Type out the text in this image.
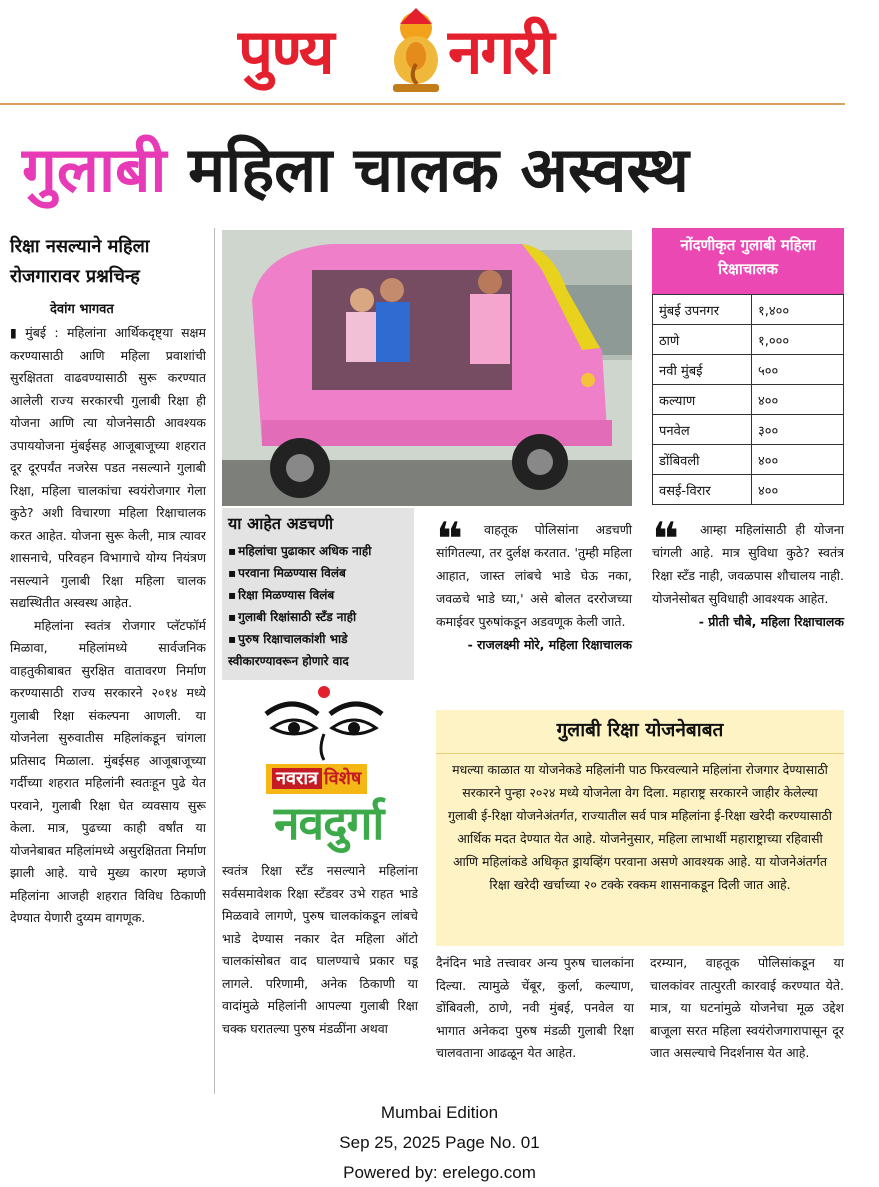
पुण्य नगरी
गुलाबी महिला चालक अस्वस्थ
रिक्षा नसल्याने महिला रोजगारावर प्रश्नचिन्ह
देवांग भागवत

▮ मुंबई : महिलांना आर्थिकदृष्ट्या सक्षम करण्यासाठी आणि महिला प्रवाशांची सुरक्षितता वाढवण्यासाठी सुरू करण्यात आलेली राज्य सरकारची गुलाबी रिक्षा ही योजना आणि त्या योजनेसाठी आवश्यक उपाययोजना मुंबईसह आजूबाजूच्या शहरात दूर दूरपर्यंत नजरेस पडत नसल्याने गुलाबी रिक्षा, महिला चालकांचा स्वयंरोजगार गेला कुठे? अशी विचारणा महिला रिक्षाचालक करत आहेत. योजना सुरू केली, मात्र त्यावर शासनाचे, परिवहन विभागाचे योग्य नियंत्रण नसल्याने गुलाबी रिक्षा महिला चालक सद्यस्थितीत अस्वस्थ आहेत.

महिलांना स्वतंत्र रोजगार प्लॅटफॉर्म मिळावा, महिलांमध्ये सार्वजनिक वाहतुकीबाबत सुरक्षित वातावरण निर्माण करण्यासाठी राज्य सरकारने २०१४ मध्ये गुलाबी रिक्षा संकल्पना आणली. या योजनेला सुरुवातीस महिलांकडून चांगला प्रतिसाद मिळाला. मुंबईसह आजूबाजूच्या गर्दीच्या शहरात महिलांनी स्वतःहून पुढे येत परवाने, गुलाबी रिक्षा घेत व्यवसाय सुरू केला. मात्र, पुढच्या काही वर्षांत या योजनेबाबत महिलांमध्ये असुरक्षितता निर्माण झाली आहे. याचे मुख्य कारण म्हणजे महिलांना आजही शहरात विविध ठिकाणी देण्यात येणारी दुय्यम वागणूक.

नोंदणीकृत गुलाबी महिला रिक्षाचालक
मुंबई उपनगर	१,४००
ठाणे	१,०००
नवी मुंबई	५००
कल्याण	४००
पनवेल	३००
डोंबिवली	४००
वसई-विरार	४००
या आहेत अडचणी
▪ महिलांचा पुढाकार अधिक नाही
▪ परवाना मिळण्यास विलंब
▪ रिक्षा मिळण्यास विलंब
▪ गुलाबी रिक्षांसाठी स्टँड नाही
▪ पुरुष रिक्षाचालकांशी भाडे स्वीकारण्यावरून होणारे वाद
❝	वाहतूक पोलिसांना अडचणी सांगितल्या, तर दुर्लक्ष करतात. 'तुम्ही महिला आहात, जास्त लांबचे भाडे घेऊ नका, जवळचे भाडे घ्या,' असे बोलत दररोजच्या कमाईवर पुरुषांकडून अडवणूक केली जाते.

- राजलक्ष्मी मोरे, महिला रिक्षाचालक

❝	आम्हा महिलांसाठी ही योजना चांगली आहे. मात्र सुविधा कुठे? स्वतंत्र रिक्षा स्टँड नाही, जवळपास शौचालय नाही. योजनेसोबत सुविधाही आवश्यक आहेत.

- प्रीती चौबे, महिला रिक्षाचालक

नवरात्र विशेष
नवदुर्गा
स्वतंत्र रिक्षा स्टँड नसल्याने महिलांना सर्वसमावेशक रिक्षा स्टँडवर उभे राहत भाडे मिळवावे लागणे, पुरुष चालकांकडून लांबचे भाडे देण्यास नकार देत महिला ऑटो चालकांसोबत वाद घालण्याचे प्रकार घडू लागले. परिणामी, अनेक ठिकाणी या वादांमुळे महिलांनी आपल्या गुलाबी रिक्षा चक्क घरातल्या पुरुष मंडळींना अथवा
गुलाबी रिक्षा योजनेबाबत

मधल्या काळात या योजनेकडे महिलांनी पाठ फिरवल्याने महिलांना रोजगार देण्यासाठी सरकारने पुन्हा २०२४ मध्ये योजनेला वेग दिला. महाराष्ट्र सरकारने जाहीर केलेल्या गुलाबी ई-रिक्षा योजनेअंतर्गत, राज्यातील सर्व पात्र महिलांना ई-रिक्षा खरेदी करण्यासाठी आर्थिक मदत देण्यात येत आहे. योजनेनुसार, महिला लाभार्थी महाराष्ट्राच्या रहिवासी आणि महिलांकडे अधिकृत ड्रायव्हिंग परवाना असणे आवश्यक आहे. या योजनेअंतर्गत रिक्षा खरेदी खर्चाच्या २० टक्के रक्कम शासनाकडून दिली जात आहे.

दैनंदिन भाडे तत्त्वावर अन्य पुरुष चालकांना दिल्या. त्यामुळे चेंबूर, कुर्ला, कल्याण, डोंबिवली, ठाणे, नवी मुंबई, पनवेल या भागात अनेकदा पुरुष मंडळी गुलाबी रिक्षा चालवताना आढळून येत आहेत.
दरम्यान, वाहतूक पोलिसांकडून या चालकांवर तात्पुरती कारवाई करण्यात येते. मात्र, या घटनांमुळे योजनेचा मूळ उद्देश बाजूला सरत महिला स्वयंरोजगारापासून दूर जात असल्याचे निदर्शनास येत आहे.
Mumbai Edition
Sep 25, 2025 Page No. 01
Powered by: erelego.com
